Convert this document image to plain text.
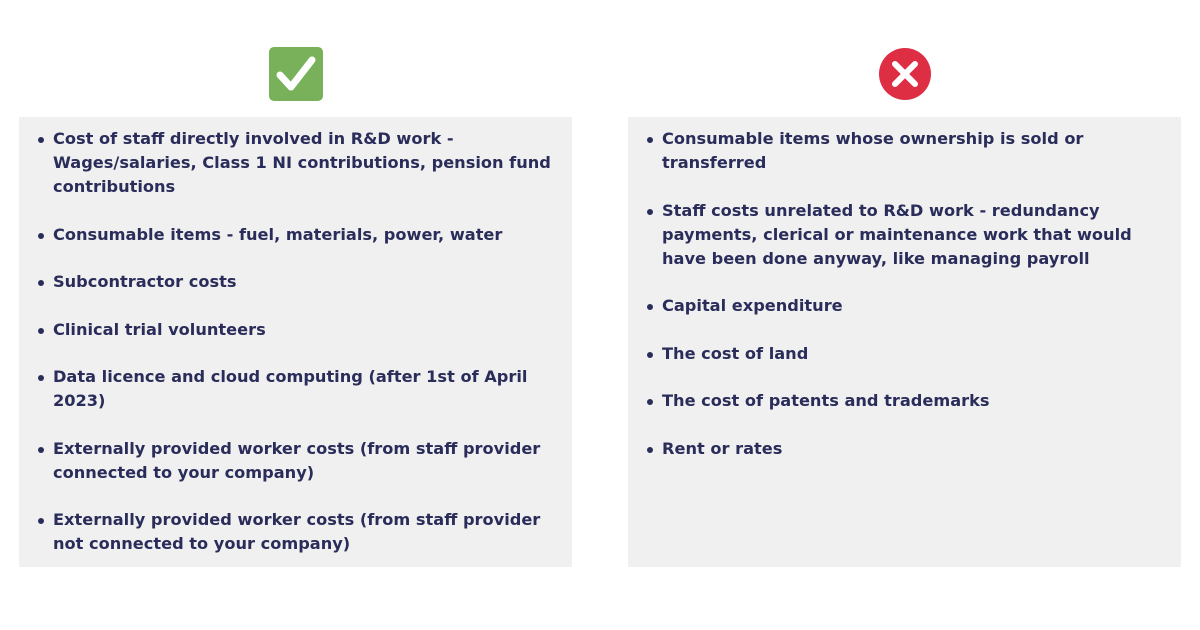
Cost of staff directly involved in R&D work - Wages/salaries, Class 1 NI contributions, pension fund contributions
Consumable items - fuel, materials, power, water
Subcontractor costs
Clinical trial volunteers
Data licence and cloud computing (after 1st of April 2023)
Externally provided worker costs (from staff provider connected to your company)
Externally provided worker costs (from staff provider not connected to your company)
Consumable items whose ownership is sold or transferred
Staff costs unrelated to R&D work - redundancy payments, clerical or maintenance work that would have been done anyway, like managing payroll
Capital expenditure
The cost of land
The cost of patents and trademarks
Rent or rates
